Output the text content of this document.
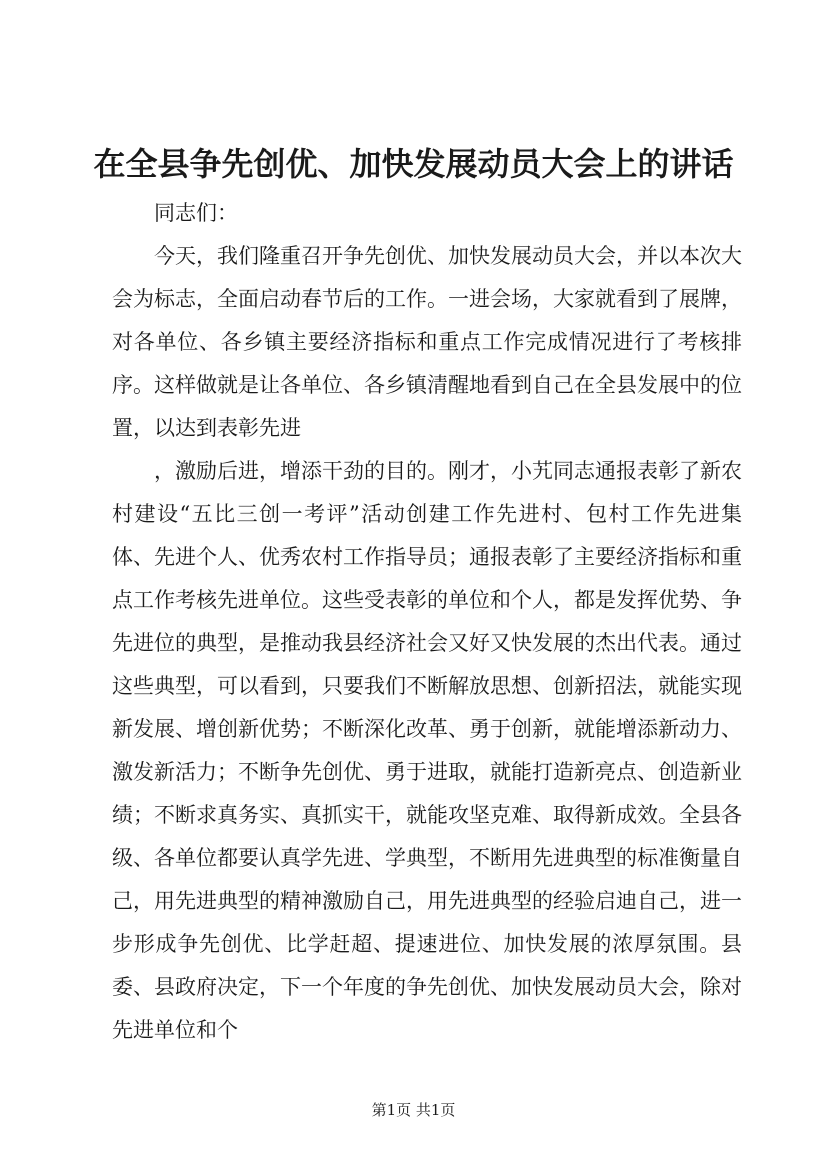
在全县争先创优、加快发展动员大会上的讲话

同志们：

今天，我们隆重召开争先创优、加快发展动员大会，并以本次大会为标志，全面启动春节后的工作。一进会场，大家就看到了展牌，对各单位、各乡镇主要经济指标和重点工作完成情况进行了考核排序。这样做就是让各单位、各乡镇清醒地看到自己在全县发展中的位置，以达到表彰先进

，激励后进，增添干劲的目的。刚才，小艽同志通报表彰了新农村建设“五比三创一考评”活动创建工作先进村、包村工作先进集体、先进个人、优秀农村工作指导员；通报表彰了主要经济指标和重点工作考核先进单位。这些受表彰的单位和个人，都是发挥优势、争先进位的典型，是推动我县经济社会又好又快发展的杰出代表。通过这些典型，可以看到，只要我们不断解放思想、创新招法，就能实现新发展、增创新优势；不断深化改革、勇于创新，就能增添新动力、激发新活力；不断争先创优、勇于进取，就能打造新亮点、创造新业绩；不断求真务实、真抓实干，就能攻坚克难、取得新成效。全县各级、各单位都要认真学先进、学典型，不断用先进典型的标准衡量自己，用先进典型的精神激励自己，用先进典型的经验启迪自己，进一步形成争先创优、比学赶超、提速进位、加快发展的浓厚氛围。县委、县政府决定，下一个年度的争先创优、加快发展动员大会，除对先进单位和个

第1页 共1页
